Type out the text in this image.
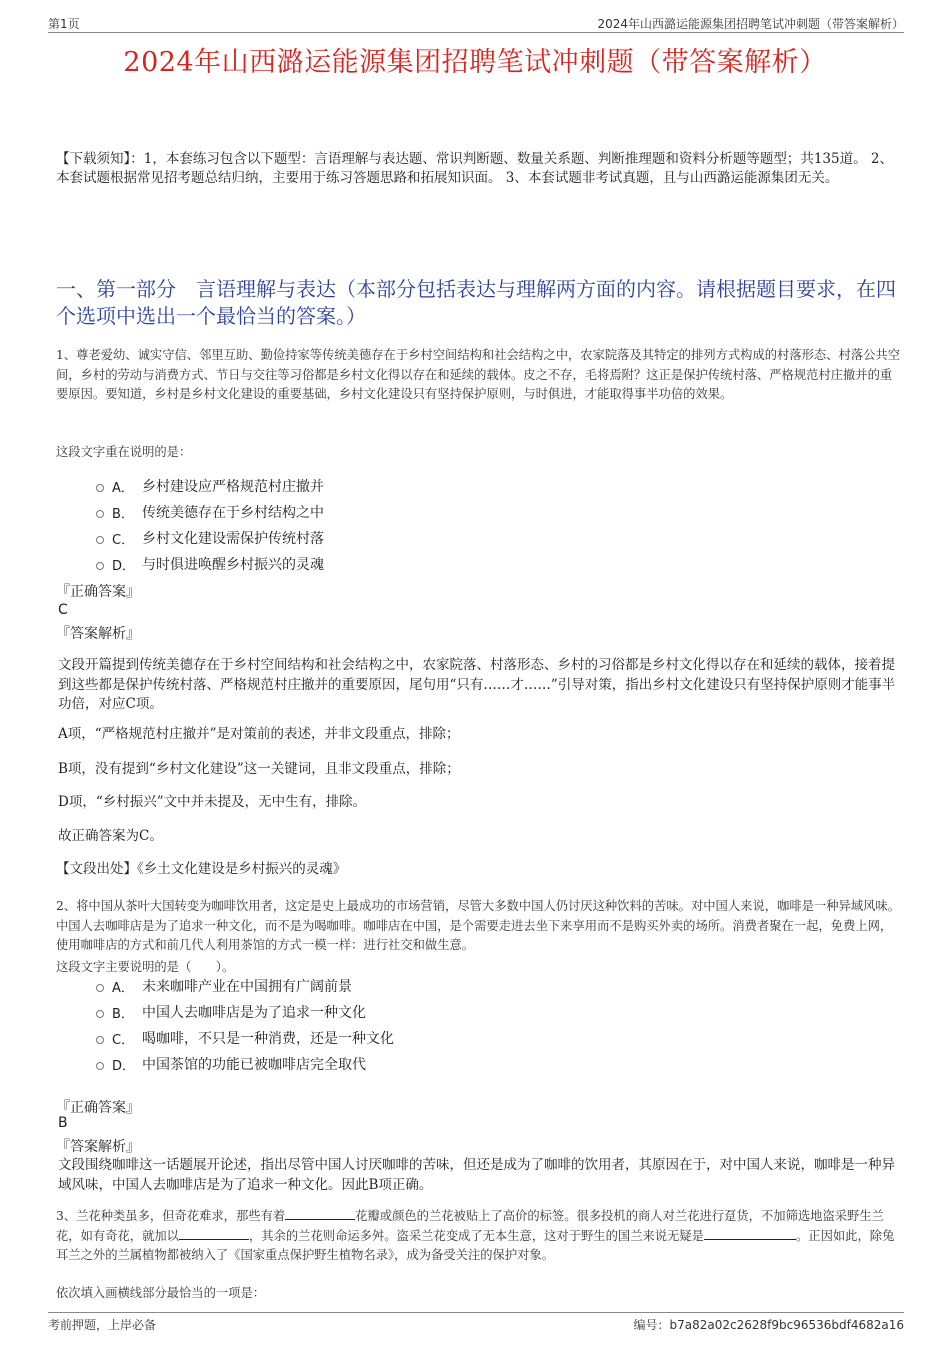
第1页	2024年山西潞运能源集团招聘笔试冲刺题（带答案解析）
2024年山西潞运能源集团招聘笔试冲刺题（带答案解析）
【下载须知】：1，本套练习包含以下题型：言语理解与表达题、常识判断题、数量关系题、判断推理题和资料分析题等题型；共135道。 2、本套试题根据常见招考题总结归纳，主要用于练习答题思路和拓展知识面。 3、本套试题非考试真题，且与山西潞运能源集团无关。
一、第一部分　言语理解与表达（本部分包括表达与理解两方面的内容。请根据题目要求，在四个选项中选出一个最恰当的答案。）
1、尊老爱幼、诚实守信、邻里互助、勤俭持家等传统美德存在于乡村空间结构和社会结构之中，农家院落及其特定的排列方式构成的村落形态、村落公共空间，乡村的劳动与消费方式、节日与交往等习俗都是乡村文化得以存在和延续的载体。皮之不存，毛将焉附？这正是保护传统村落、严格规范村庄撤并的重要原因。要知道，乡村是乡村文化建设的重要基础，乡村文化建设只有坚持保护原则，与时俱进，才能取得事半功倍的效果。
这段文字重在说明的是：
A． 乡村建设应严格规范村庄撤并
B． 传统美德存在于乡村结构之中
C． 乡村文化建设需保护传统村落
D． 与时俱进唤醒乡村振兴的灵魂
『正确答案』
C
『答案解析』
文段开篇提到传统美德存在于乡村空间结构和社会结构之中，农家院落、村落形态、乡村的习俗都是乡村文化得以存在和延续的载体，接着提到这些都是保护传统村落、严格规范村庄撤并的重要原因，尾句用“只有……才……”引导对策，指出乡村文化建设只有坚持保护原则才能事半功倍，对应C项。
A项，“严格规范村庄撤并”是对策前的表述，并非文段重点，排除；
B项，没有提到“乡村文化建设”这一关键词，且非文段重点，排除；
D项，“乡村振兴”文中并未提及，无中生有，排除。
故正确答案为C。
【文段出处】《乡土文化建设是乡村振兴的灵魂》
2、将中国从茶叶大国转变为咖啡饮用者，这定是史上最成功的市场营销，尽管大多数中国人仍讨厌这种饮料的苦味。对中国人来说，咖啡是一种异域风味。中国人去咖啡店是为了追求一种文化，而不是为喝咖啡。咖啡店在中国，是个需要走进去坐下来享用而不是购买外卖的场所。消费者聚在一起，免费上网，使用咖啡店的方式和前几代人利用茶馆的方式一模一样：进行社交和做生意。
这段文字主要说明的是（　　）。
A． 未来咖啡产业在中国拥有广阔前景
B． 中国人去咖啡店是为了追求一种文化
C． 喝咖啡，不只是一种消费，还是一种文化
D． 中国茶馆的功能已被咖啡店完全取代
『正确答案』
B
『答案解析』
文段围绕咖啡这一话题展开论述，指出尽管中国人讨厌咖啡的苦味，但还是成为了咖啡的饮用者，其原因在于，对中国人来说，咖啡是一种异域风味，中国人去咖啡店是为了追求一种文化。因此B项正确。
3、兰花种类虽多，但奇花难求，那些有着	花瓣或颜色的兰花被贴上了高价的标签。很多投机的商人对兰花进行趸货，不加筛选地盗采野生兰花，如有奇花，就加以	，其余的兰花则命运多舛。盗采兰花变成了无本生意，这对于野生的国兰来说无疑是	。正因如此，除兔耳兰之外的兰属植物都被纳入了《国家重点保护野生植物名录》，成为备受关注的保护对象。
依次填入画横线部分最恰当的一项是：
考前押题，上岸必备	编号：b7a82a02c2628f9bc96536bdf4682a16
